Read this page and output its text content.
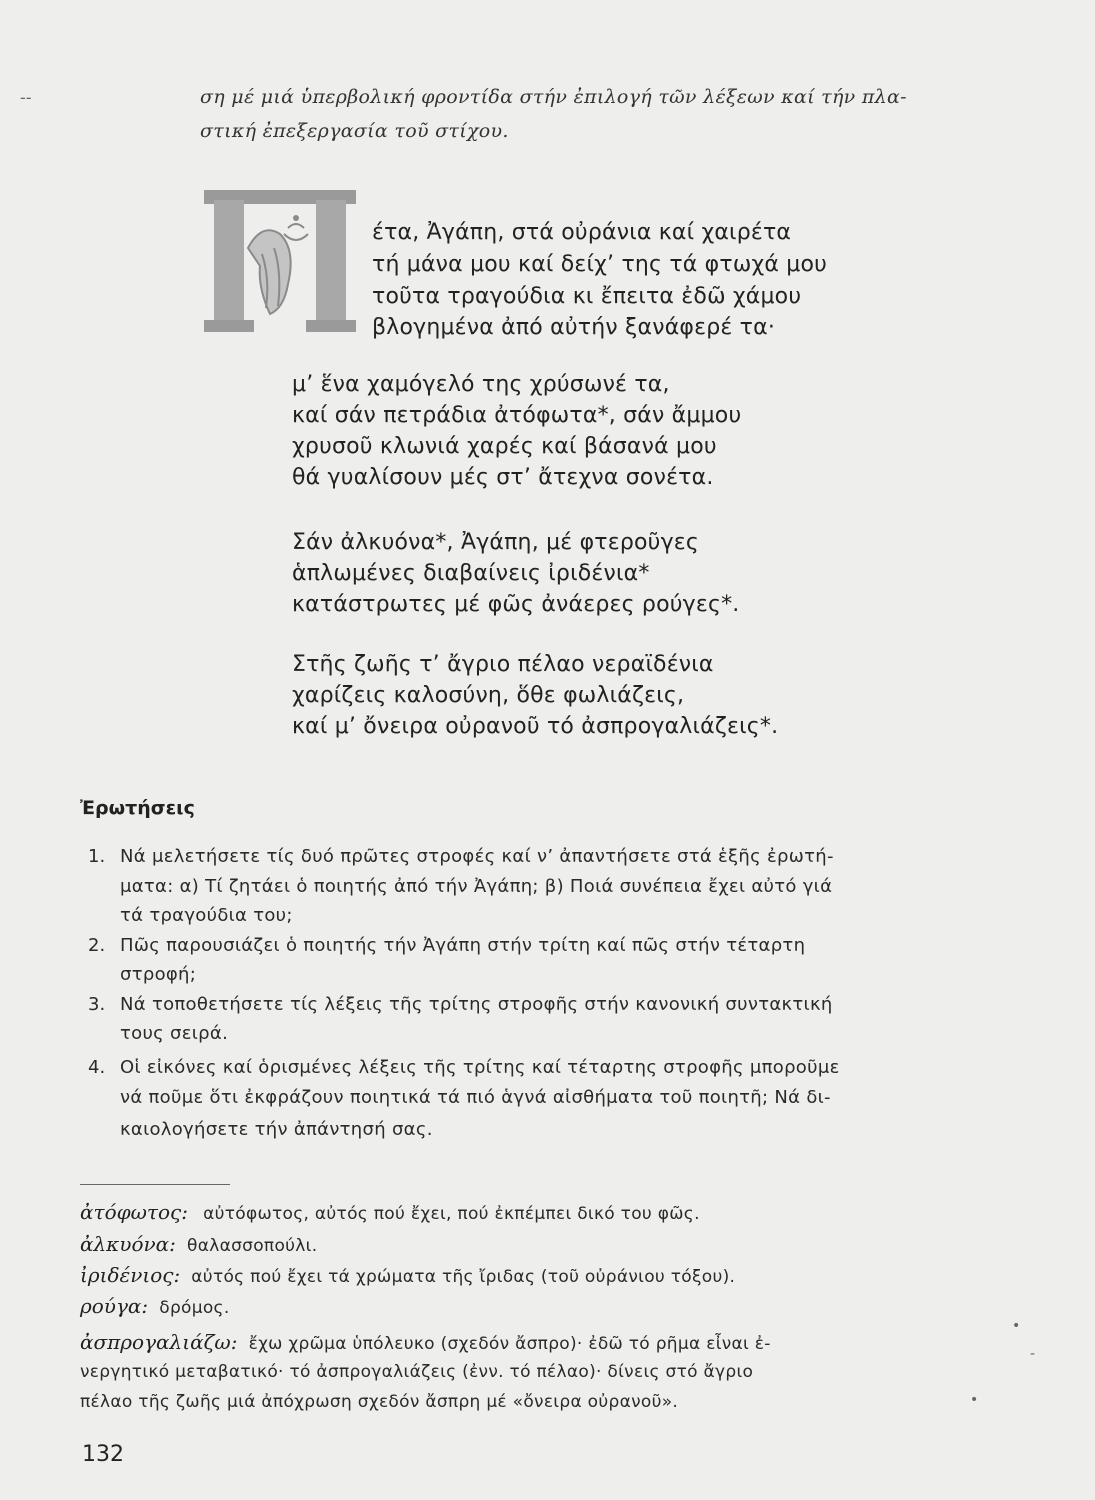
--	ση μέ μιά ὑπερβολική φροντίδα στήν ἐπιλογή τῶν λέξεων καί τήν πλα-
στική ἐπεξεργασία τοῦ στίχου.
έτα, Ἀγάπη, στά οὐράνια καί χαιρέτα
τή μάνα μου καί δείχ’ της τά φτωχά μου
τοῦτα τραγούδια κι ἔπειτα ἐδῶ χάμου
βλογημένα ἀπό αὐτήν ξανάφερέ τα·
μ’ ἕνα χαμόγελό της χρύσωνέ τα,
καί σάν πετράδια ἀτόφωτα*, σάν ἄμμου
χρυσοῦ κλωνιά χαρές καί βάσανά μου
θά γυαλίσουν μές στ’ ἄτεχνα σονέτα.
Σάν ἀλκυόνα*, Ἀγάπη, μέ φτεροῦγες
ἁπλωμένες διαβαίνεις ἰριδένια*
κατάστρωτες μέ φῶς ἀνάερες ρούγες*.
Στῆς ζωῆς τ’ ἄγριο πέλαο νεραϊδένια
χαρίζεις καλοσύνη, ὅθε φωλιάζεις,
καί μ’ ὄνειρα οὐρανοῦ τό ἀσπρογαλιάζεις*.
Ἐρωτήσεις
1. Νά μελετήσετε τίς δυό πρῶτες στροφές καί ν’ ἀπαντήσετε στά ἑξῆς ἐρωτή-
ματα: α) Τί ζητάει ὁ ποιητής ἀπό τήν Ἀγάπη; β) Ποιά συνέπεια ἔχει αὐτό γιά
τά τραγούδια του;
2. Πῶς παρουσιάζει ὁ ποιητής τήν Ἀγάπη στήν τρίτη καί πῶς στήν τέταρτη
στροφή;
3. Νά τοποθετήσετε τίς λέξεις τῆς τρίτης στροφῆς στήν κανονική συντακτική
τους σειρά.
4. Οἱ εἰκόνες καί ὁρισμένες λέξεις τῆς τρίτης καί τέταρτης στροφῆς μποροῦμε
νά ποῦμε ὅτι ἐκφράζουν ποιητικά τά πιό ἁγνά αἰσθήματα τοῦ ποιητῆ; Νά δι-
καιολογήσετε τήν ἀπάντησή σας.
ἀτόφωτος: αὐτόφωτος, αὐτός πού ἔχει, πού ἐκπέμπει δικό του φῶς.
ἀλκυόνα: θαλασσοπούλι.
ἰριδένιος: αὐτός πού ἔχει τά χρώματα τῆς ἴριδας (τοῦ οὐράνιου τόξου).
ρούγα: δρόμος.
ἀσπρογαλιάζω: ἔχω χρῶμα ὑπόλευκο (σχεδόν ἄσπρο)· ἐδῶ τό ρῆμα εἶναι ἐ-
νεργητικό μεταβατικό· τό ἀσπρογαλιάζεις (ἐνν. τό πέλαο)· δίνεις στό ἄγριο
πέλαο τῆς ζωῆς μιά ἀπόχρωση σχεδόν ἄσπρη μέ «ὄνειρα οὐρανοῦ».
•
-
•
132
